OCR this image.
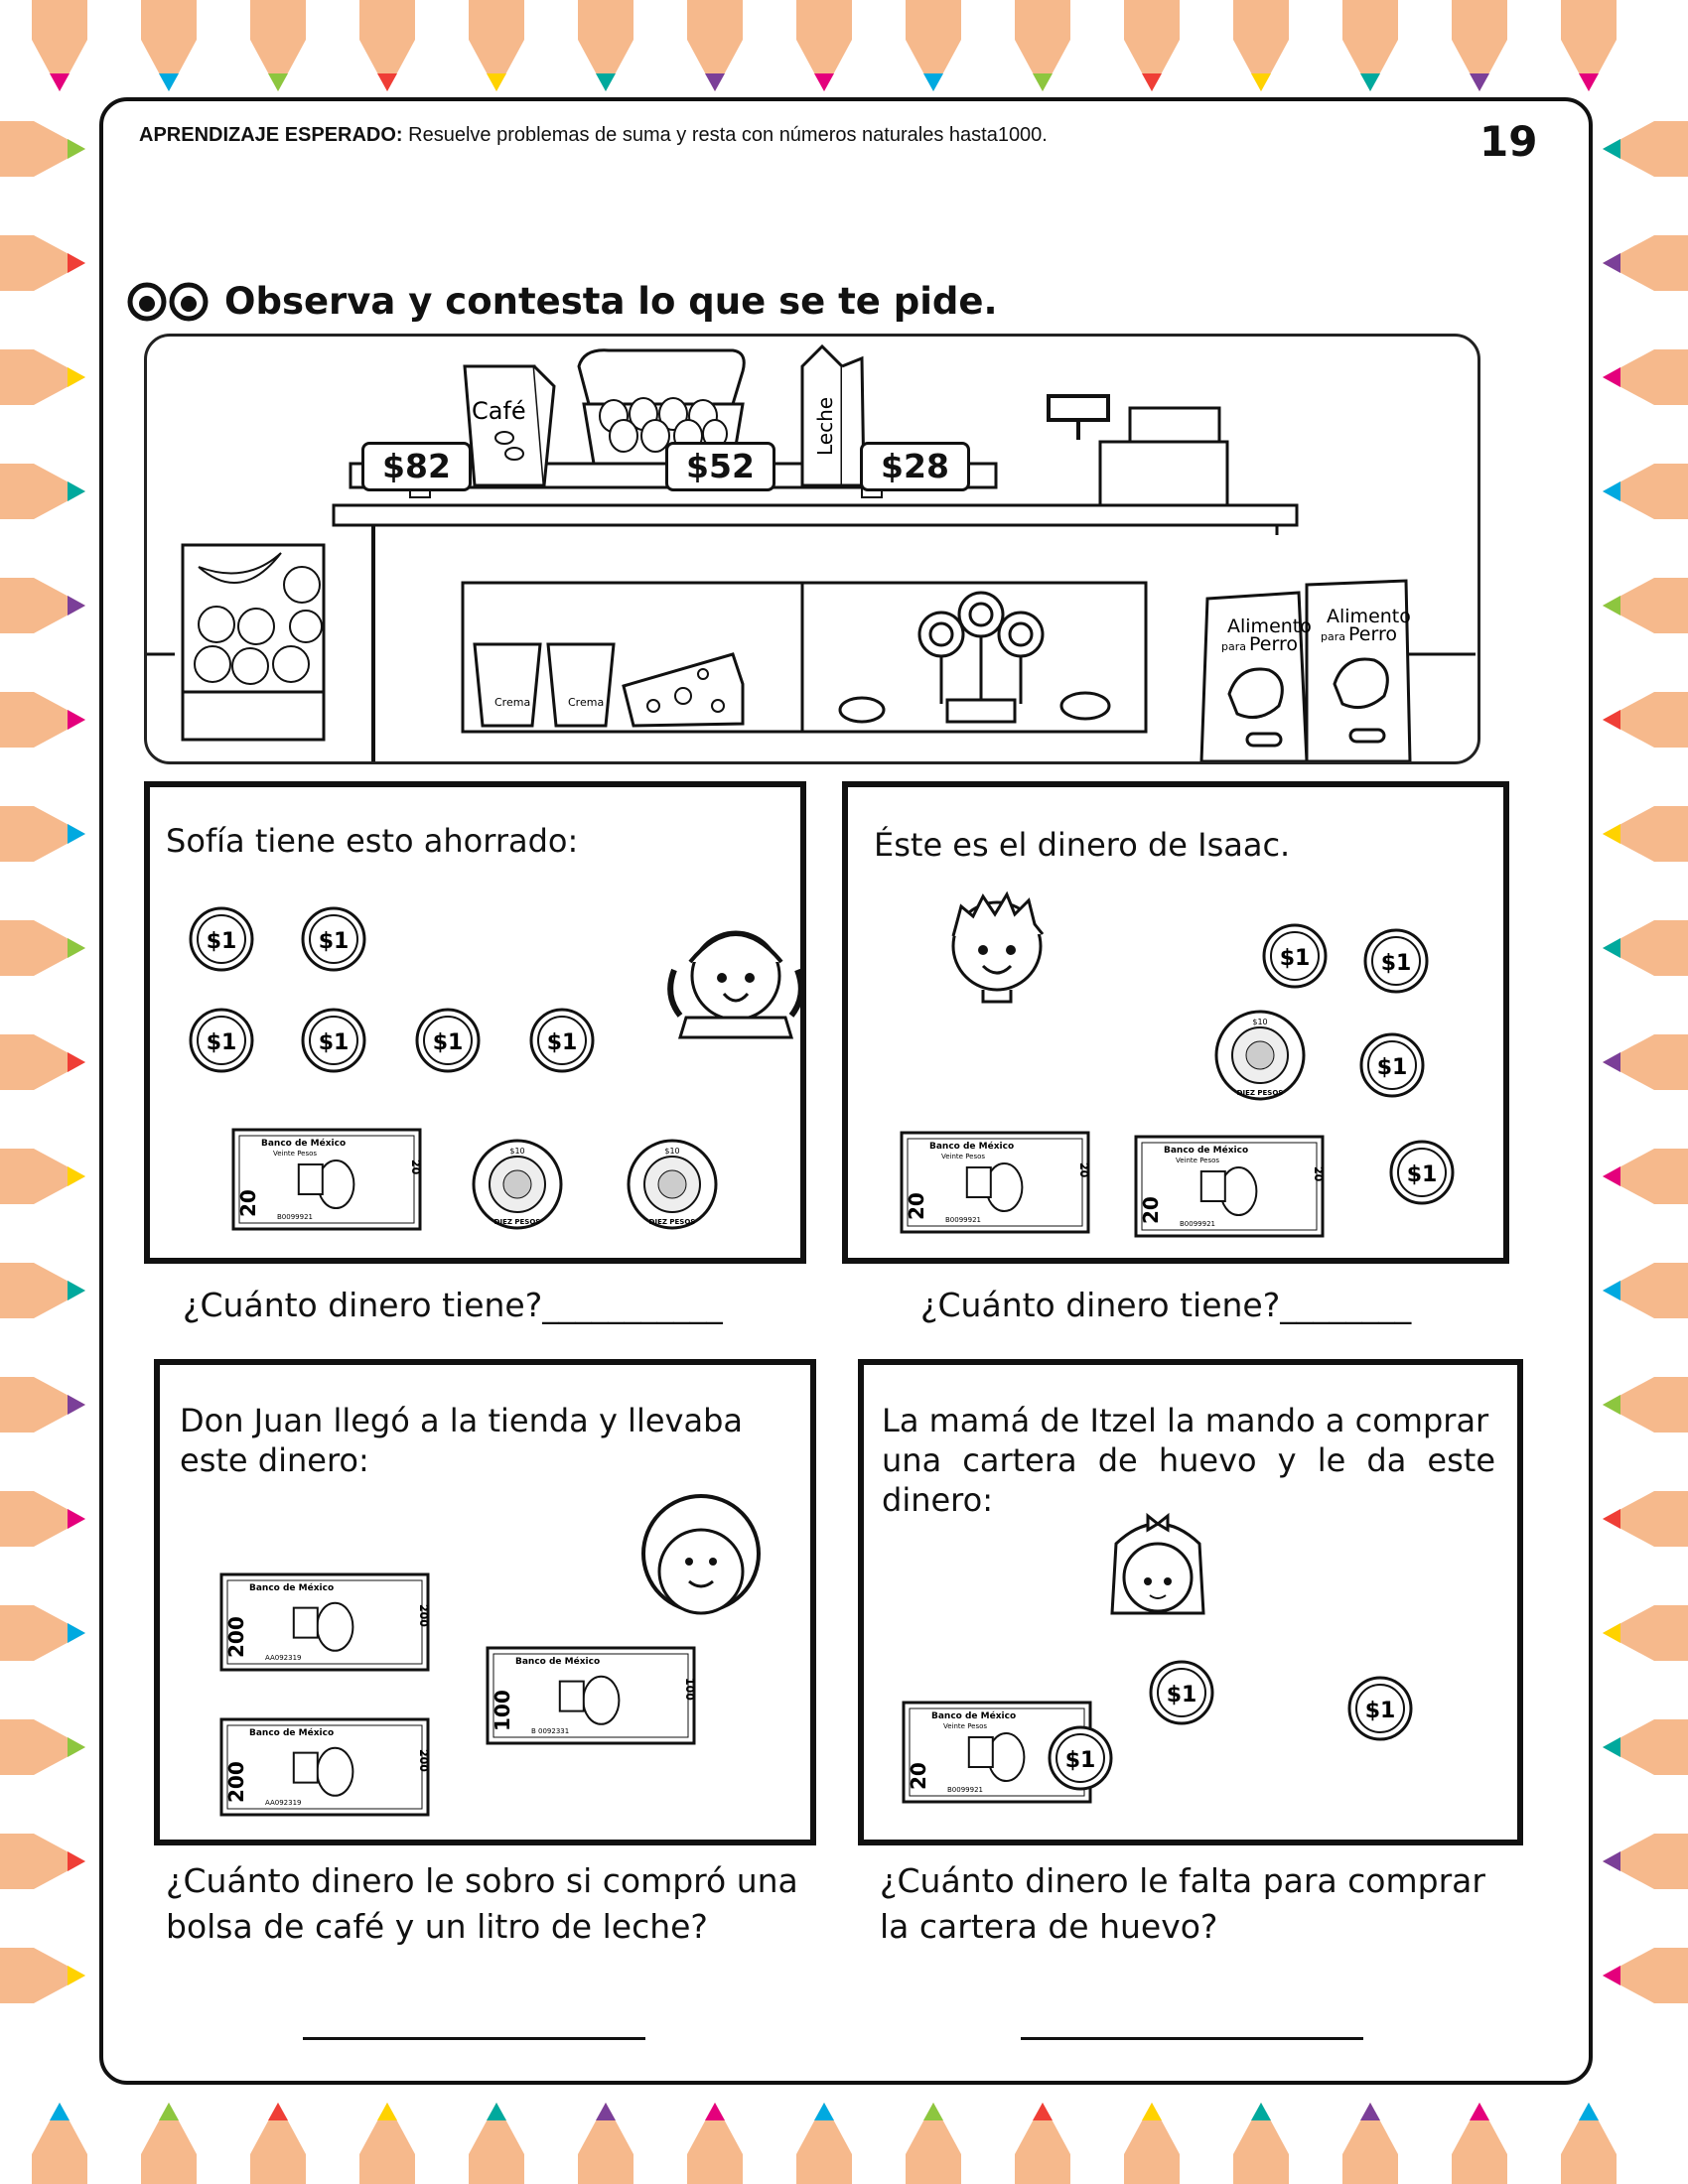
APRENDIZAJE ESPERADO: Resuelve problemas de suma y resta con números naturales hasta1000.	19
Observa y contesta lo que se te pide.
Café	Leche
Crema	Crema
Alimento
para Perro
Alimento
para Perro
$82	$52	$28
Sofía tiene esto ahorrado:
$1	$1
$1	$1	$1	$1
Banco de México
Veinte Pesos
20
20
B0099921
$10
DIEZ PESOS
$10
DIEZ PESOS
¿Cuánto dinero tiene?___________
Éste es el dinero de Isaac.
$1	$1
$10
DIEZ PESOS
$1
$1
Banco de México
Veinte Pesos
20
20
B0099921
Banco de México
Veinte Pesos
20
20
B0099921
¿Cuánto dinero tiene?________
Don Juan llegó a la tienda y llevaba
este dinero:
Banco de México
200
200
AA092319
Banco de México
200
200
AA092319
Banco de México
100
100
B 0092331
¿Cuánto dinero le sobro si compró una
bolsa de café y un litro de leche?
La mamá de Itzel la mando a comprar
una cartera de huevo y le da este
dinero:
Banco de México
Veinte Pesos
20 B0099921
$1
$1
$1
¿Cuánto dinero le falta para comprar
la cartera de huevo?
